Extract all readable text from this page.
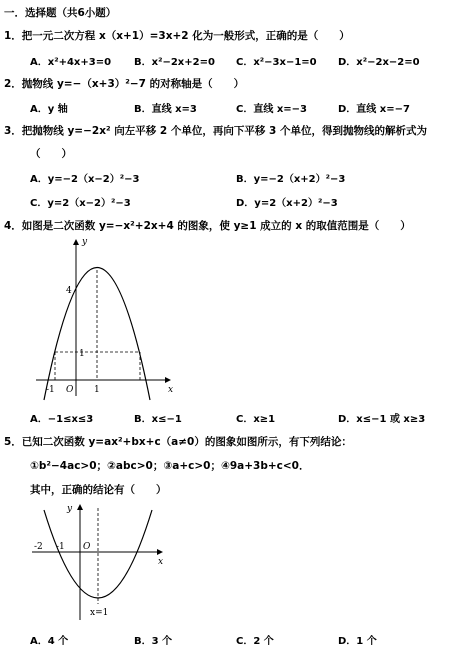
一．选择题（共6小题）
1．把一元二次方程 x（x+1）=3x+2 化为一般形式，正确的是（　　）
A．x²+4x+3=0 B．x²−2x+2=0 C．x²−3x−1=0 D．x²−2x−2=0
2．抛物线 y=−（x+3）²−7 的对称轴是（　　）
A．y 轴	B．直线 x=3	C．直线 x=−3	D．直线 x=−7
3．把抛物线 y=−2x² 向左平移 2 个单位，再向下平移 3 个单位，得到抛物线的解析式为
（　　）
A．y=−2（x−2）²−3	B．y=−2（x+2）²−3
C．y=2（x−2）²−3	D．y=2（x+2）²−3
4．如图是二次函数 y=−x²+2x+4 的图象，使 y≥1 成立的 x 的取值范围是（　　）
y
x
4
1
-1 O 1
A．−1≤x≤3	B．x≤−1	C．x≥1	D．x≤−1 或 x≥3
5．已知二次函数 y=ax²+bx+c（a≠0）的图象如图所示，有下列结论：
①b²−4ac>0；②abc>0；③a+c>0；④9a+3b+c<0．
其中，正确的结论有（　　）
y
x
-2 -1 O
x=1
A．4 个	B．3 个	C．2 个	D．1 个
